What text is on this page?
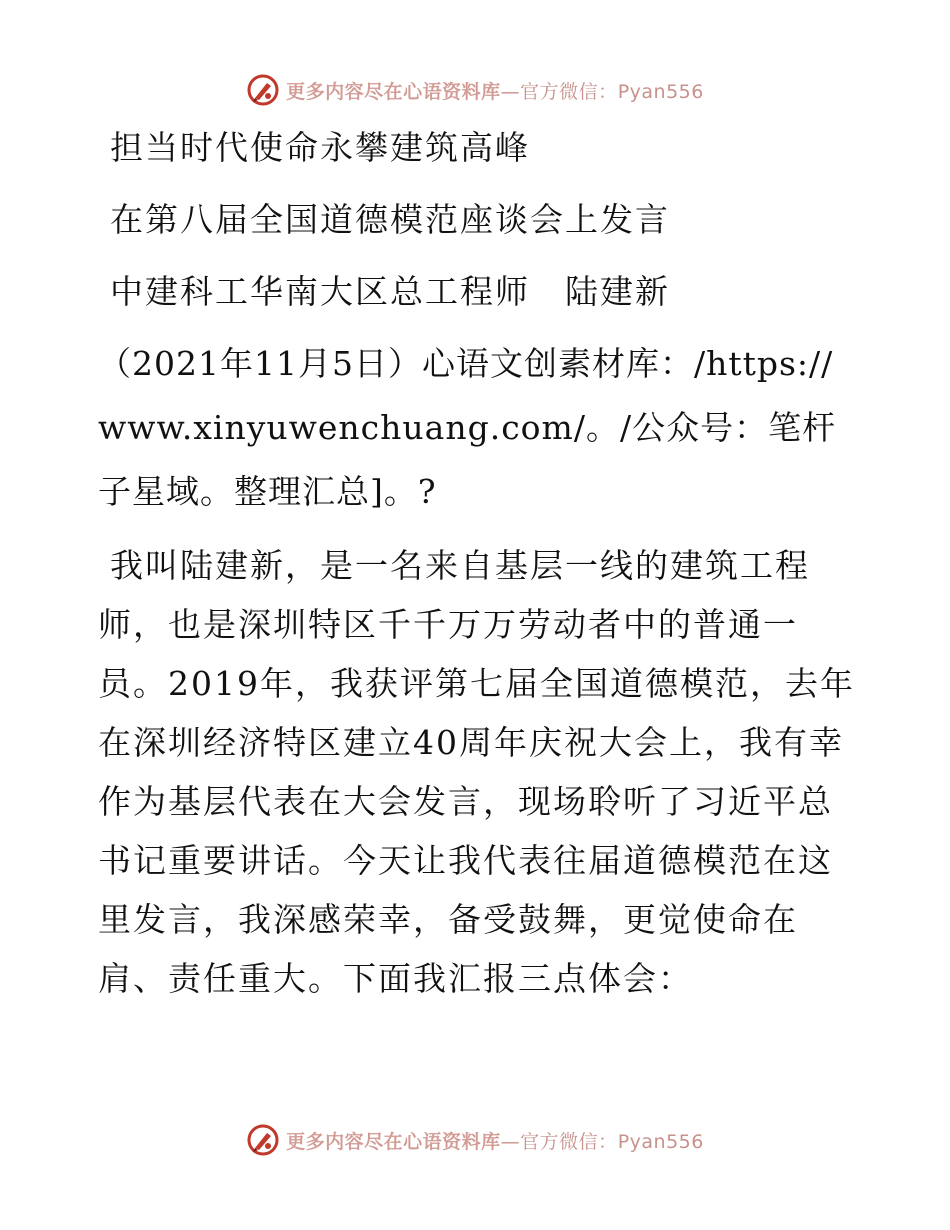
更多内容尽在心语资料库—官方微信：Pyan556
担当时代使命永攀建筑高峰
在第八届全国道德模范座谈会上发言
中建科工华南大区总工程师　陆建新

（2021年11月5日）心语文创素材库：/https://www.xinyuwenchuang.com/。/公众号：笔杆子星域。整理汇总]。?

我叫陆建新，是一名来自基层一线的建筑工程师，也是深圳特区千千万万劳动者中的普通一员。2019年，我获评第七届全国道德模范，去年在深圳经济特区建立40周年庆祝大会上，我有幸作为基层代表在大会发言，现场聆听了习近平总书记重要讲话。今天让我代表往届道德模范在这里发言，我深感荣幸，备受鼓舞，更觉使命在肩、责任重大。下面我汇报三点体会：

更多内容尽在心语资料库—官方微信：Pyan556
